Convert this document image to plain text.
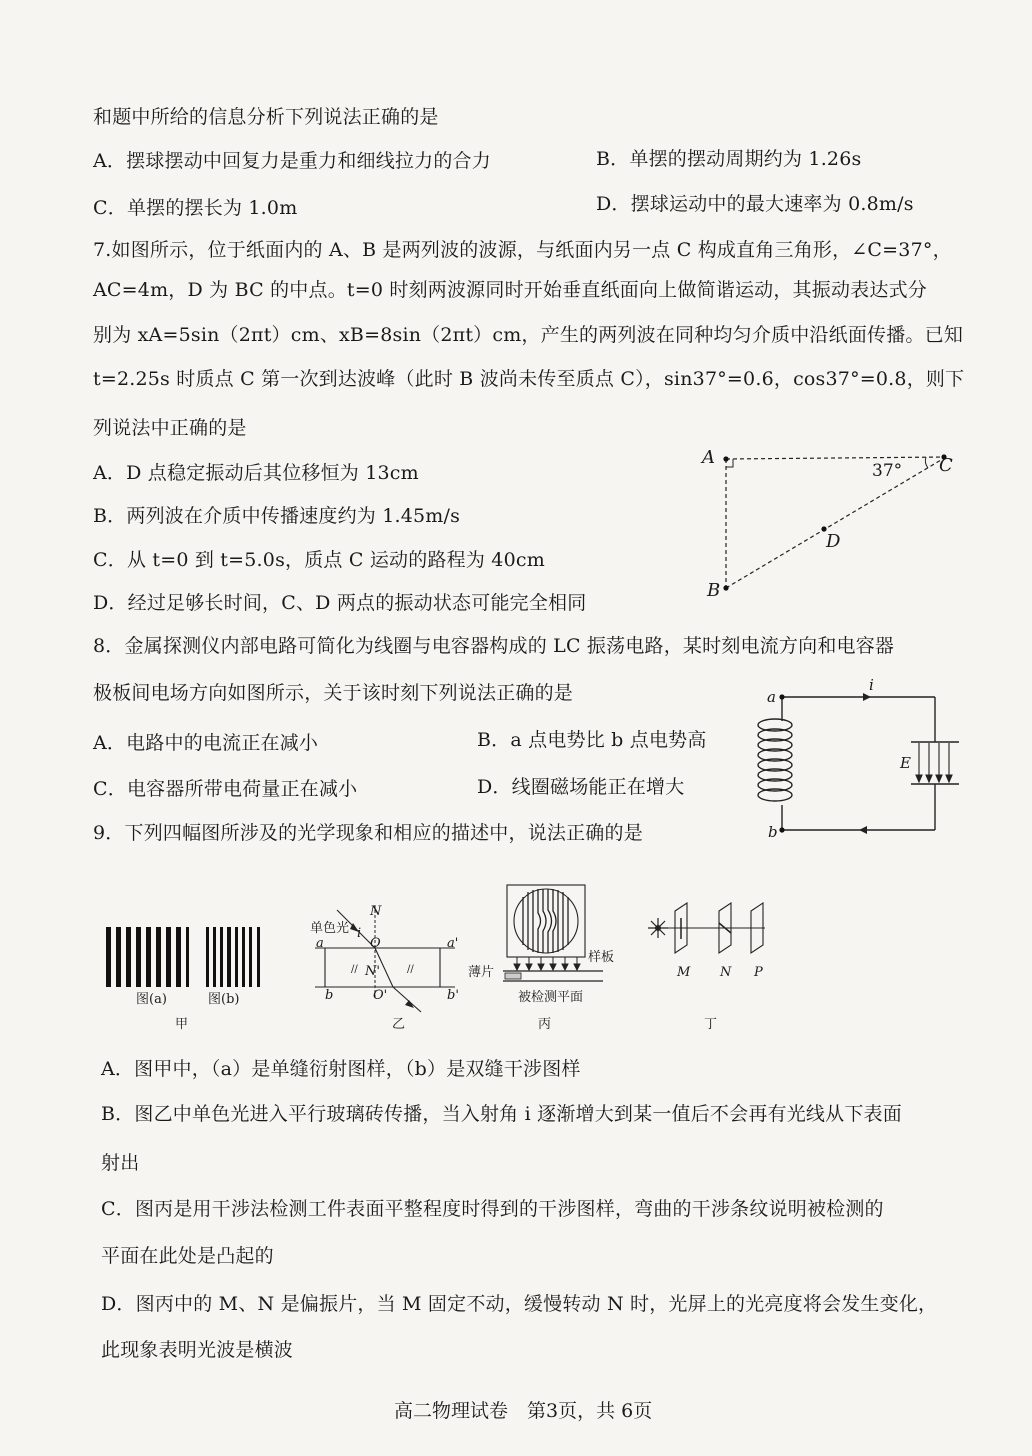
和题中所给的信息分析下列说法正确的是
A．摆球摆动中回复力是重力和细线拉力的合力	B．单摆的摆动周期约为 1.26s
C．单摆的摆长为 1.0m	D．摆球运动中的最大速率为 0.8m/s
7.如图所示，位于纸面内的 A、B 是两列波的波源，与纸面内另一点 C 构成直角三角形，∠C=37°，
AC=4m，D 为 BC 的中点。t=0 时刻两波源同时开始垂直纸面向上做简谐运动，其振动表达式分
别为 xA=5sin（2πt）cm、xB=8sin（2πt）cm，产生的两列波在同种均匀介质中沿纸面传播。已知
t=2.25s 时质点 C 第一次到达波峰（此时 B 波尚未传至质点 C），sin37°=0.6，cos37°=0.8，则下
列说法中正确的是
A．D 点稳定振动后其位移恒为 13cm
B．两列波在介质中传播速度约为 1.45m/s
C．从 t=0 到 t=5.0s，质点 C 运动的路程为 40cm
D．经过足够长时间，C、D 两点的振动状态可能完全相同
A
B
C
D
37°
8．金属探测仪内部电路可简化为线圈与电容器构成的 LC 振荡电路，某时刻电流方向和电容器
极板间电场方向如图所示，关于该时刻下列说法正确的是
A．电路中的电流正在减小	B．a 点电势比 b 点电势高
C．电容器所带电荷量正在减小	D．线圈磁场能正在增大
a
b
i
E
9．下列四幅图所涉及的光学现象和相应的描述中，说法正确的是
图(a)	图(b)
甲
//	//
单色光
N
i
O
a	a'
N'
b	O'	b'
乙
薄片
样板
被检测平面
丙
M N P
丁
A．图甲中，（a）是单缝衍射图样，（b）是双缝干涉图样
B．图乙中单色光进入平行玻璃砖传播，当入射角 i 逐渐增大到某一值后不会再有光线从下表面
射出
C．图丙是用干涉法检测工件表面平整程度时得到的干涉图样，弯曲的干涉条纹说明被检测的
平面在此处是凸起的
D．图丙中的 M、N 是偏振片，当 M 固定不动，缓慢转动 N 时，光屏上的光亮度将会发生变化，
此现象表明光波是横波
高二物理试卷　第3页，共 6页
